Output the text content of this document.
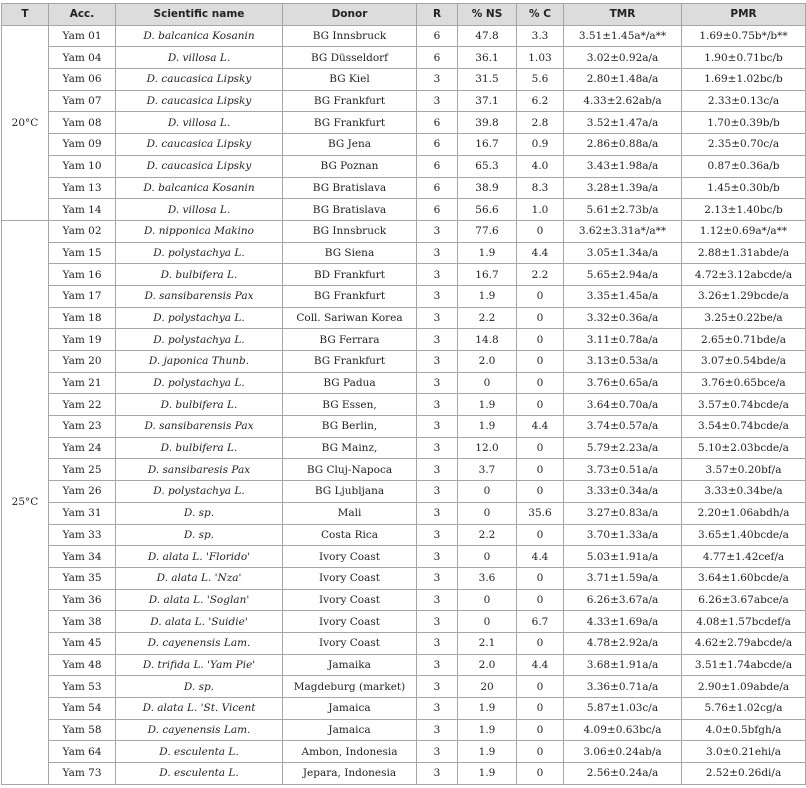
T	Acc.	Scientific name	Donor	R	% NS	% C	TMR	PMR
20°C	Yam 01	D. balcanica Kosanin	BG Innsbruck	6	47.8	3.3	3.51±1.45a*/a**	1.69±0.75b*/b**
	Yam 04	D. villosa L.	BG Düsseldorf	6	36.1	1.03	3.02±0.92a/a	1.90±0.71bc/b
	Yam 06	D. caucasica Lipsky	BG Kiel	3	31.5	5.6	2.80±1.48a/a	1.69±1.02bc/b
	Yam 07	D. caucasica Lipsky	BG Frankfurt	3	37.1	6.2	4.33±2.62ab/a	2.33±0.13c/a
	Yam 08	D. villosa L.	BG Frankfurt	6	39.8	2.8	3.52±1.47a/a	1.70±0.39b/b
	Yam 09	D. caucasica Lipsky	BG Jena	6	16.7	0.9	2.86±0.88a/a	2.35±0.70c/a
	Yam 10	D. caucasica Lipsky	BG Poznan	6	65.3	4.0	3.43±1.98a/a	0.87±0.36a/b
	Yam 13	D. balcanica Kosanin	BG Bratislava	6	38.9	8.3	3.28±1.39a/a	1.45±0.30b/b
	Yam 14	D. villosa L.	BG Bratislava	6	56.6	1.0	5.61±2.73b/a	2.13±1.40bc/b
25°C	Yam 02	D. nipponica Makino	BG Innsbruck	3	77.6	0	3.62±3.31a*/a**	1.12±0.69a*/a**
	Yam 15	D. polystachya L.	BG Siena	3	1.9	4.4	3.05±1.34a/a	2.88±1.31abde/a
	Yam 16	D. bulbifera L.	BD Frankfurt	3	16.7	2.2	5.65±2.94a/a	4.72±3.12abcde/a
	Yam 17	D. sansibarensis Pax	BG Frankfurt	3	1.9	0	3.35±1.45a/a	3.26±1.29bcde/a
	Yam 18	D. polystachya L.	Coll. Sariwan Korea	3	2.2	0	3.32±0.36a/a	3.25±0.22be/a
	Yam 19	D. polystachya L.	BG Ferrara	3	14.8	0	3.11±0.78a/a	2.65±0.71bde/a
	Yam 20	D. japonica Thunb.	BG Frankfurt	3	2.0	0	3.13±0.53a/a	3.07±0.54bde/a
	Yam 21	D. polystachya L.	BG Padua	3	0	0	3.76±0.65a/a	3.76±0.65bce/a
	Yam 22	D. bulbifera L.	BG Essen,	3	1.9	0	3.64±0.70a/a	3.57±0.74bcde/a
	Yam 23	D. sansibarensis Pax	BG Berlin,	3	1.9	4.4	3.74±0.57a/a	3.54±0.74bcde/a
	Yam 24	D. bulbifera L.	BG Mainz,	3	12.0	0	5.79±2.23a/a	5.10±2.03bcde/a
	Yam 25	D. sansibaresis Pax	BG Cluj-Napoca	3	3.7	0	3.73±0.51a/a	3.57±0.20bf/a
	Yam 26	D. polystachya L.	BG Ljubljana	3	0	0	3.33±0.34a/a	3.33±0.34be/a
	Yam 31	D. sp.	Mali	3	0	35.6	3.27±0.83a/a	2.20±1.06abdh/a
	Yam 33	D. sp.	Costa Rica	3	2.2	0	3.70±1.33a/a	3.65±1.40bcde/a
	Yam 34	D. alata L. 'Florido'	Ivory Coast	3	0	4.4	5.03±1.91a/a	4.77±1.42cef/a
	Yam 35	D. alata L. 'Nza'	Ivory Coast	3	3.6	0	3.71±1.59a/a	3.64±1.60bcde/a
	Yam 36	D. alata L. 'Soglan'	Ivory Coast	3	0	0	6.26±3.67a/a	6.26±3.67abce/a
	Yam 38	D. alata L. 'Suidie'	Ivory Coast	3	0	6.7	4.33±1.69a/a	4.08±1.57bcdef/a
	Yam 45	D. cayenensis Lam.	Ivory Coast	3	2.1	0	4.78±2.92a/a	4.62±2.79abcde/a
	Yam 48	D. trifida L. 'Yam Pie'	Jamaika	3	2.0	4.4	3.68±1.91a/a	3.51±1.74abcde/a
	Yam 53	D. sp.	Magdeburg (market)	3	20	0	3.36±0.71a/a	2.90±1.09abde/a
	Yam 54	D. alata L. 'St. Vicent	Jamaica	3	1.9	0	5.87±1.03c/a	5.76±1.02cg/a
	Yam 58	D. cayenensis Lam.	Jamaica	3	1.9	0	4.09±0.63bc/a	4.0±0.5bfgh/a
	Yam 64	D. esculenta L.	Ambon, Indonesia	3	1.9	0	3.06±0.24ab/a	3.0±0.21ehi/a
	Yam 73	D. esculenta L.	Jepara, Indonesia	3	1.9	0	2.56±0.24a/a	2.52±0.26di/a
